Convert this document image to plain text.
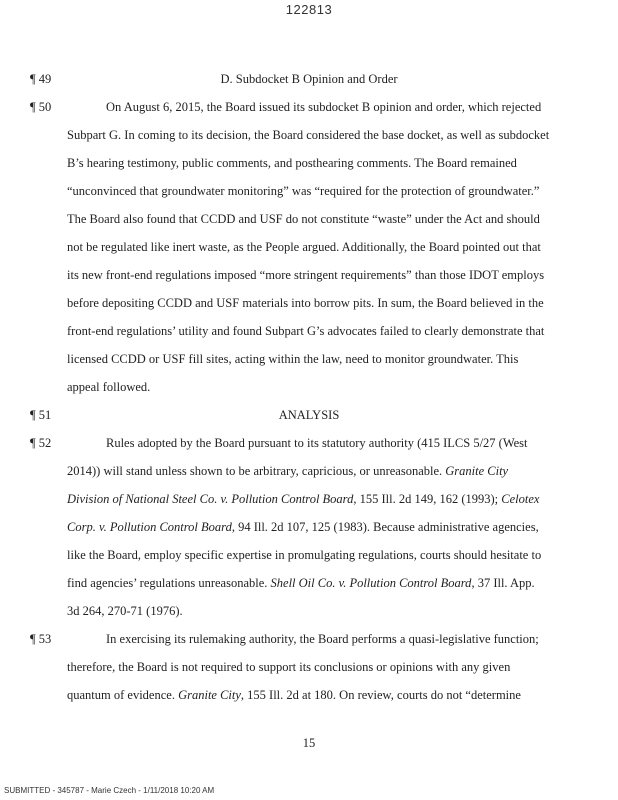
122813
¶ 49	D. Subdocket B Opinion and Order
¶ 50	On August 6, 2015, the Board issued its subdocket B opinion and order, which rejected
Subpart G. In coming to its decision, the Board considered the base docket, as well as subdocket
B’s hearing testimony, public comments, and posthearing comments. The Board remained
“unconvinced that groundwater monitoring” was “required for the protection of groundwater.”
The Board also found that CCDD and USF do not constitute “waste” under the Act and should
not be regulated like inert waste, as the People argued. Additionally, the Board pointed out that
its new front-end regulations imposed “more stringent requirements” than those IDOT employs
before depositing CCDD and USF materials into borrow pits. In sum, the Board believed in the
front-end regulations’ utility and found Subpart G’s advocates failed to clearly demonstrate that
licensed CCDD or USF fill sites, acting within the law, need to monitor groundwater. This
appeal followed.
¶ 51	ANALYSIS
¶ 52	Rules adopted by the Board pursuant to its statutory authority (415 ILCS 5/27 (West
2014)) will stand unless shown to be arbitrary, capricious, or unreasonable. Granite City
Division of National Steel Co. v. Pollution Control Board, 155 Ill. 2d 149, 162 (1993); Celotex
Corp. v. Pollution Control Board, 94 Ill. 2d 107, 125 (1983). Because administrative agencies,
like the Board, employ specific expertise in promulgating regulations, courts should hesitate to
find agencies’ regulations unreasonable. Shell Oil Co. v. Pollution Control Board, 37 Ill. App.
3d 264, 270-71 (1976).
¶ 53	In exercising its rulemaking authority, the Board performs a quasi-legislative function;
therefore, the Board is not required to support its conclusions or opinions with any given
quantum of evidence. Granite City, 155 Ill. 2d at 180. On review, courts do not “determine
15
SUBMITTED - 345787 - Marie Czech - 1/11/2018 10:20 AM
